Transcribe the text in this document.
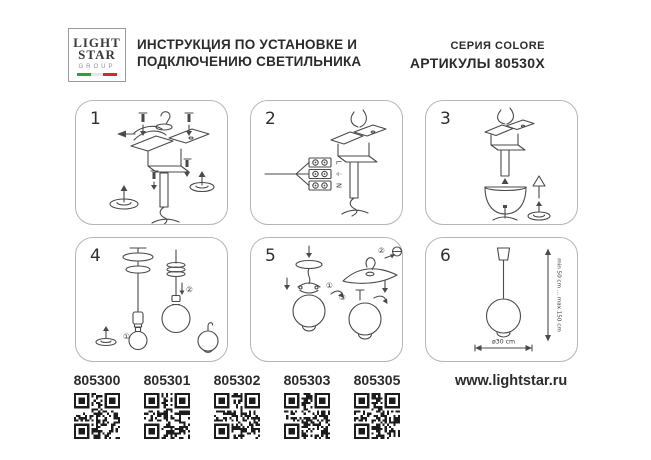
LIGHT
STAR
GROUP
ИНСТРУКЦИЯ ПО УСТАНОВКЕ И
ПОДКЛЮЧЕНИЮ СВЕТИЛЬНИКА
СЕРИЯ COLORE
АРТИКУЛЫ 80530X
1	2
L
⏚
N
3
4
①
②
5
①
②
③
6
min 50 cm ... max 150 cm
ø30 cm
805300	805301	805302	805303	805305	www.lightstar.ru
